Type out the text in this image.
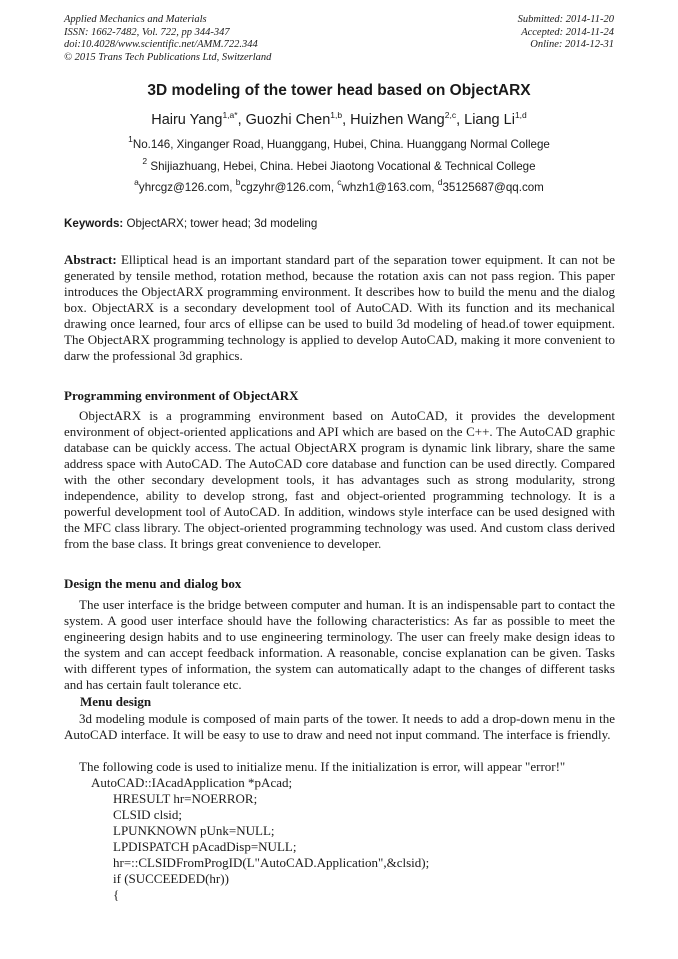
Applied Mechanics and Materials
ISSN: 1662-7482, Vol. 722, pp 344-347
doi:10.4028/www.scientific.net/AMM.722.344
© 2015 Trans Tech Publications Ltd, Switzerland
Submitted: 2014-11-20
Accepted: 2014-11-24
Online: 2014-12-31
3D modeling of the tower head based on ObjectARX
Hairu Yang$^{1,a*}$, Guozhi Chen$^{1,b}$, Huizhen Wang$^{2,c}$, Liang Li$^{1,d}$
$^1$No.146, Xinganger Road, Huanggang, Hubei, China. Huanggang Normal College
$^2$ Shijiazhuang, Hebei, China. Hebei Jiaotong Vocational & Technical College
$^a$yhrcgz@126.com, $^b$cgzyhr@126.com, $^c$whzh1@163.com, $^d$35125687@qq.com
Keywords: ObjectARX; tower head; 3d modeling
Abstract: Elliptical head is an important standard part of the separation tower equipment. It can not be generated by tensile method, rotation method, because the rotation axis can not pass region. This paper introduces the ObjectARX programming environment. It describes how to build the menu and the dialog box. ObjectARX is a secondary development tool of AutoCAD. With its function and its mechanical drawing once learned, four arcs of ellipse can be used to build 3d modeling of head.of tower equipment. The ObjectARX programming technology is applied to develop AutoCAD, making it more convenient to darw the professional 3d graphics.
Programming environment of ObjectARX
ObjectARX is a programming environment based on AutoCAD, it provides the development environment of object-oriented applications and API which are based on the C++. The AutoCAD graphic database can be quickly access. The actual ObjectARX program is dynamic link library, share the same address space with AutoCAD. The AutoCAD core database and function can be used directly. Compared with the other secondary development tools, it has advantages such as strong modularity, strong independence, ability to develop strong, fast and object-oriented programming technology. It is a powerful development tool of AutoCAD. In addition, windows style interface can be used designed with the MFC class library. The object-oriented programming technology was used. And custom class derived from the base class. It brings great convenience to developer.
Design the menu and dialog box
The user interface is the bridge between computer and human. It is an indispensable part to contact the system. A good user interface should have the following characteristics: As far as possible to meet the engineering design habits and to use engineering terminology. The user can freely make design ideas to the system and can accept feedback information. A reasonable, concise explanation can be given. Tasks with different types of information, the system can automatically adapt to the changes of different tasks and has certain fault tolerance etc.
Menu design
3d modeling module is composed of main parts of the tower. It needs to add a drop-down menu in the AutoCAD interface. It will be easy to use to draw and need not input command. The interface is friendly.
The following code is used to initialize menu. If the initialization is error, will appear "error!"
AutoCAD::IAcadApplication *pAcad;
HRESULT hr=NOERROR;
CLSID clsid;
LPUNKNOWN pUnk=NULL;
LPDISPATCH pAcadDisp=NULL;
hr=::CLSIDFromProgID(L"AutoCAD.Application",&clsid);
if (SUCCEEDED(hr))
{
